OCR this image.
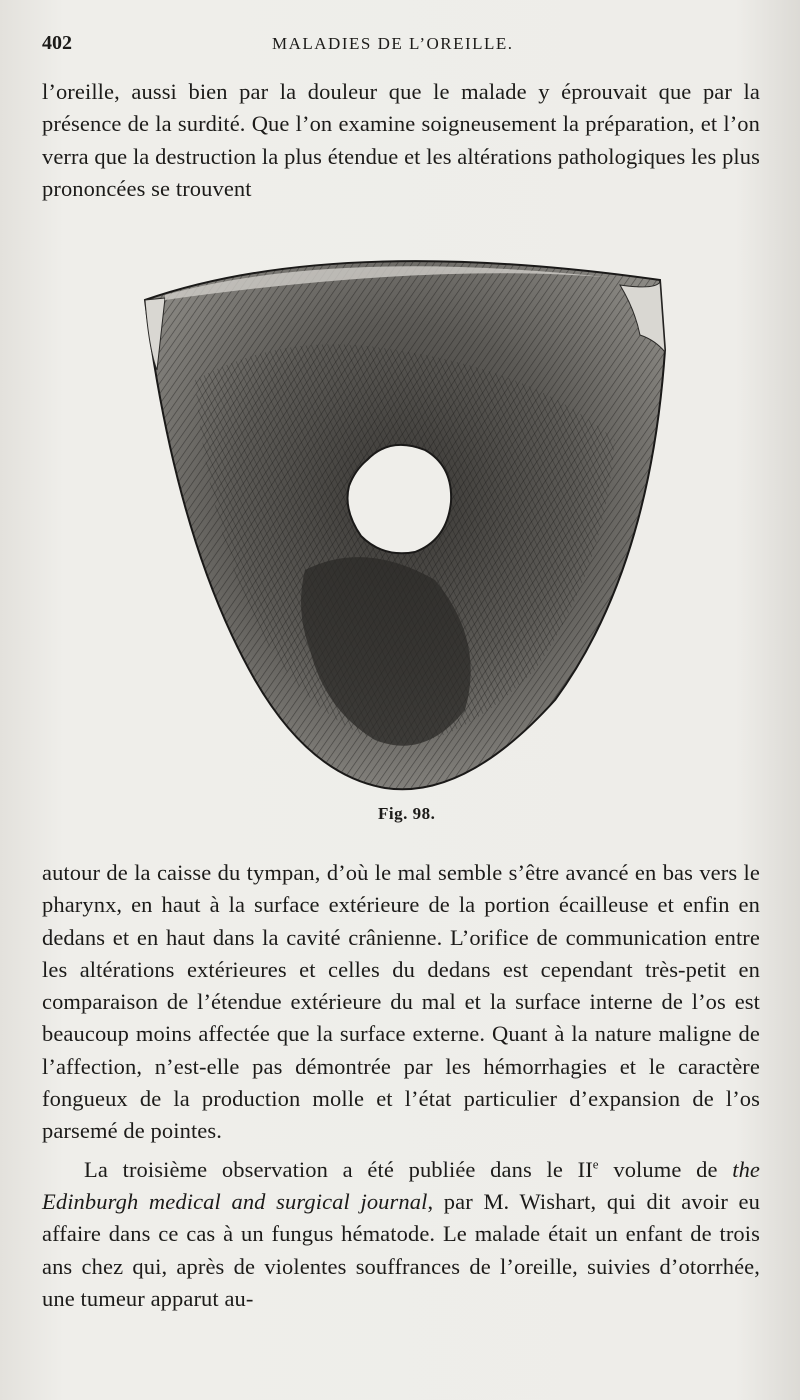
402	MALADIES DE L’OREILLE.

l’oreille, aussi bien par la douleur que le malade y éprouvait que par la présence de la surdité. Que l’on examine soigneusement la préparation, et l’on verra que la destruction la plus étendue et les altérations pathologiques les plus prononcées se trouvent

Fig. 98.

autour de la caisse du tympan, d’où le mal semble s’être avancé en bas vers le pharynx, en haut à la surface extérieure de la portion écailleuse et enfin en dedans et en haut dans la cavité crânienne. L’orifice de communication entre les altérations extérieures et celles du dedans est cependant très-petit en comparaison de l’étendue extérieure du mal et la surface interne de l’os est beaucoup moins affectée que la surface externe. Quant à la nature maligne de l’affection, n’est-elle pas démontrée par les hémorrhagies et le caractère fongueux de la production molle et l’état particulier d’expansion de l’os parsemé de pointes.

La troisième observation a été publiée dans le IIe volume de the Edinburgh medical and surgical journal, par M. Wishart, qui dit avoir eu affaire dans ce cas à un fungus hématode. Le malade était un enfant de trois ans chez qui, après de violentes souffrances de l’oreille, suivies d’otorrhée, une tumeur apparut au-
